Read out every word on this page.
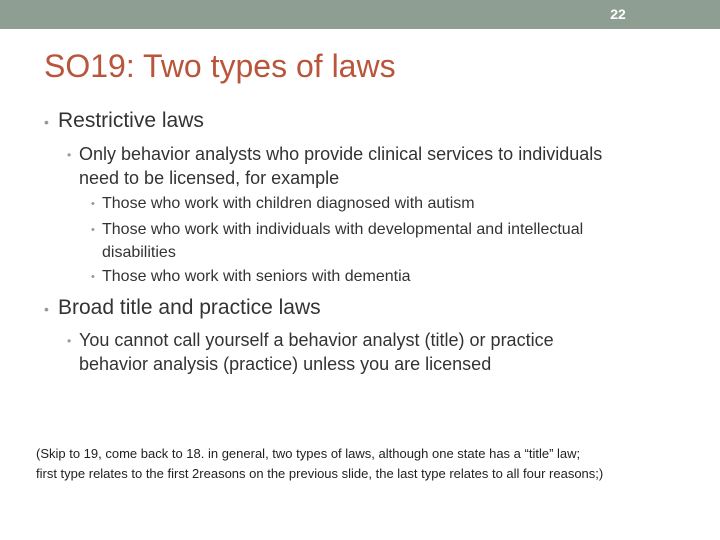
22
SO19: Two types of laws
• Restrictive laws
• Only behavior analysts who provide clinical services to individuals
need to be licensed, for example
• Those who work with children diagnosed with autism
• Those who work with individuals with developmental and intellectual
disabilities
• Those who work with seniors with dementia
• Broad title and practice laws
• You cannot call yourself a behavior analyst (title) or practice
behavior analysis (practice) unless you are licensed
(Skip to 19, come back to 18. in general, two types of laws, although one state has a “title” law;
first type relates to the first 2reasons on the previous slide, the last type relates to all four reasons;)
